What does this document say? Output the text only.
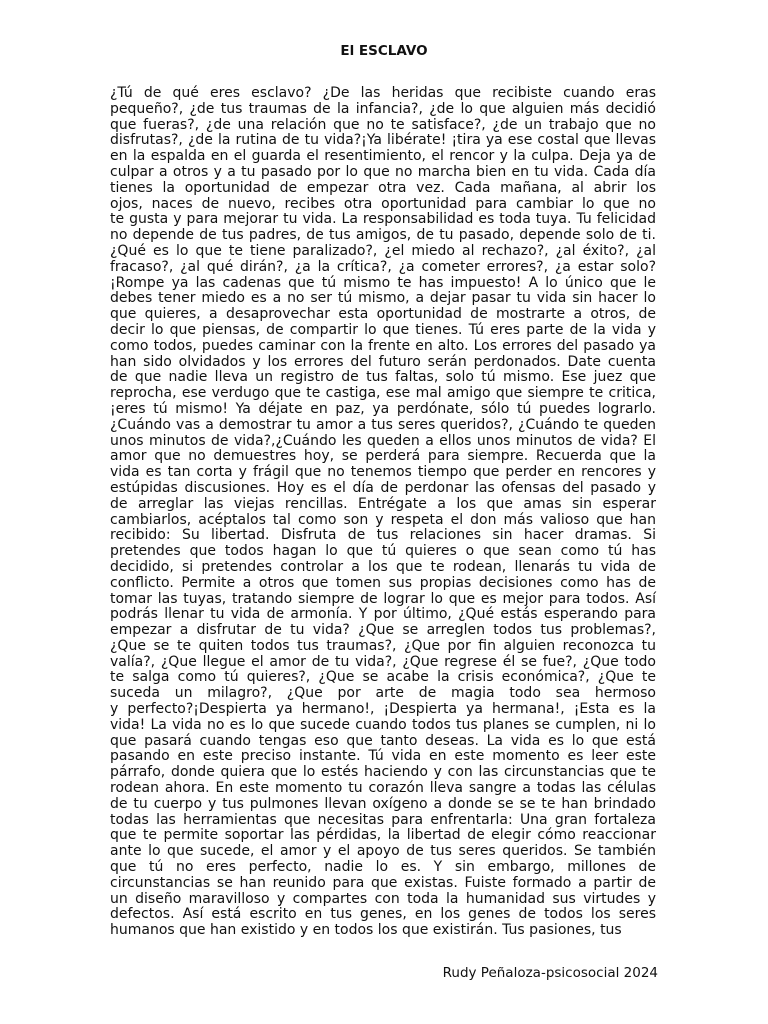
El ESCLAVO
¿Tú de qué eres esclavo? ¿De las heridas que recibiste cuando eras
pequeño?, ¿de tus traumas de la infancia?, ¿de lo que alguien más decidió
que fueras?, ¿de una relación que no te satisface?, ¿de un trabajo que no
disfrutas?, ¿de la rutina de tu vida?¡Ya libérate! ¡tira ya ese costal que llevas
en la espalda en el guarda el resentimiento, el rencor y la culpa. Deja ya de
culpar a otros y a tu pasado por lo que no marcha bien en tu vida. Cada día
tienes la oportunidad de empezar otra vez. Cada mañana, al abrir los
ojos, naces de nuevo, recibes otra oportunidad para cambiar lo que no
te gusta y para mejorar tu vida. La responsabilidad es toda tuya. Tu felicidad
no depende de tus padres, de tus amigos, de tu pasado, depende solo de ti.
¿Qué es lo que te tiene paralizado?, ¿el miedo al rechazo?, ¿al éxito?, ¿al
fracaso?, ¿al qué dirán?, ¿a la crítica?, ¿a cometer errores?, ¿a estar solo?
¡Rompe ya las cadenas que tú mismo te has impuesto! A lo único que le
debes tener miedo es a no ser tú mismo, a dejar pasar tu vida sin hacer lo
que quieres, a desaprovechar esta oportunidad de mostrarte a otros, de
decir lo que piensas, de compartir lo que tienes. Tú eres parte de la vida y
como todos, puedes caminar con la frente en alto. Los errores del pasado ya
han sido olvidados y los errores del futuro serán perdonados. Date cuenta
de que nadie lleva un registro de tus faltas, solo tú mismo. Ese juez que
reprocha, ese verdugo que te castiga, ese mal amigo que siempre te critica,
¡eres tú mismo! Ya déjate en paz, ya perdónate, sólo tú puedes lograrlo.
¿Cuándo vas a demostrar tu amor a tus seres queridos?, ¿Cuándo te queden
unos minutos de vida?,¿Cuándo les queden a ellos unos minutos de vida? El
amor que no demuestres hoy, se perderá para siempre. Recuerda que la
vida es tan corta y frágil que no tenemos tiempo que perder en rencores y
estúpidas discusiones. Hoy es el día de perdonar las ofensas del pasado y
de arreglar las viejas rencillas. Entrégate a los que amas sin esperar
cambiarlos, acéptalos tal como son y respeta el don más valioso que han
recibido: Su libertad. Disfruta de tus relaciones sin hacer dramas. Si
pretendes que todos hagan lo que tú quieres o que sean como tú has
decidido, si pretendes controlar a los que te rodean, llenarás tu vida de
conflicto. Permite a otros que tomen sus propias decisiones como has de
tomar las tuyas, tratando siempre de lograr lo que es mejor para todos. Así
podrás llenar tu vida de armonía. Y por último, ¿Qué estás esperando para
empezar a disfrutar de tu vida? ¿Que se arreglen todos tus problemas?,
¿Que se te quiten todos tus traumas?, ¿Que por fin alguien reconozca tu
valía?, ¿Que llegue el amor de tu vida?, ¿Que regrese él se fue?, ¿Que todo
te salga como tú quieres?, ¿Que se acabe la crisis económica?, ¿Que te
suceda un milagro?, ¿Que por arte de magia todo sea hermoso
y perfecto?¡Despierta ya hermano!, ¡Despierta ya hermana!, ¡Esta es la
vida! La vida no es lo que sucede cuando todos tus planes se cumplen, ni lo
que pasará cuando tengas eso que tanto deseas. La vida es lo que está
pasando en este preciso instante. Tú vida en este momento es leer este
párrafo, donde quiera que lo estés haciendo y con las circunstancias que te
rodean ahora. En este momento tu corazón lleva sangre a todas las células
de tu cuerpo y tus pulmones llevan oxígeno a donde se se te han brindado
todas las herramientas que necesitas para enfrentarla: Una gran fortaleza
que te permite soportar las pérdidas, la libertad de elegir cómo reaccionar
ante lo que sucede, el amor y el apoyo de tus seres queridos. Se también
que tú no eres perfecto, nadie lo es. Y sin embargo, millones de
circunstancias se han reunido para que existas. Fuiste formado a partir de
un diseño maravilloso y compartes con toda la humanidad sus virtudes y
defectos. Así está escrito en tus genes, en los genes de todos los seres
humanos que han existido y en todos los que existirán. Tus pasiones, tus
Rudy Peñaloza-psicosocial 2024
